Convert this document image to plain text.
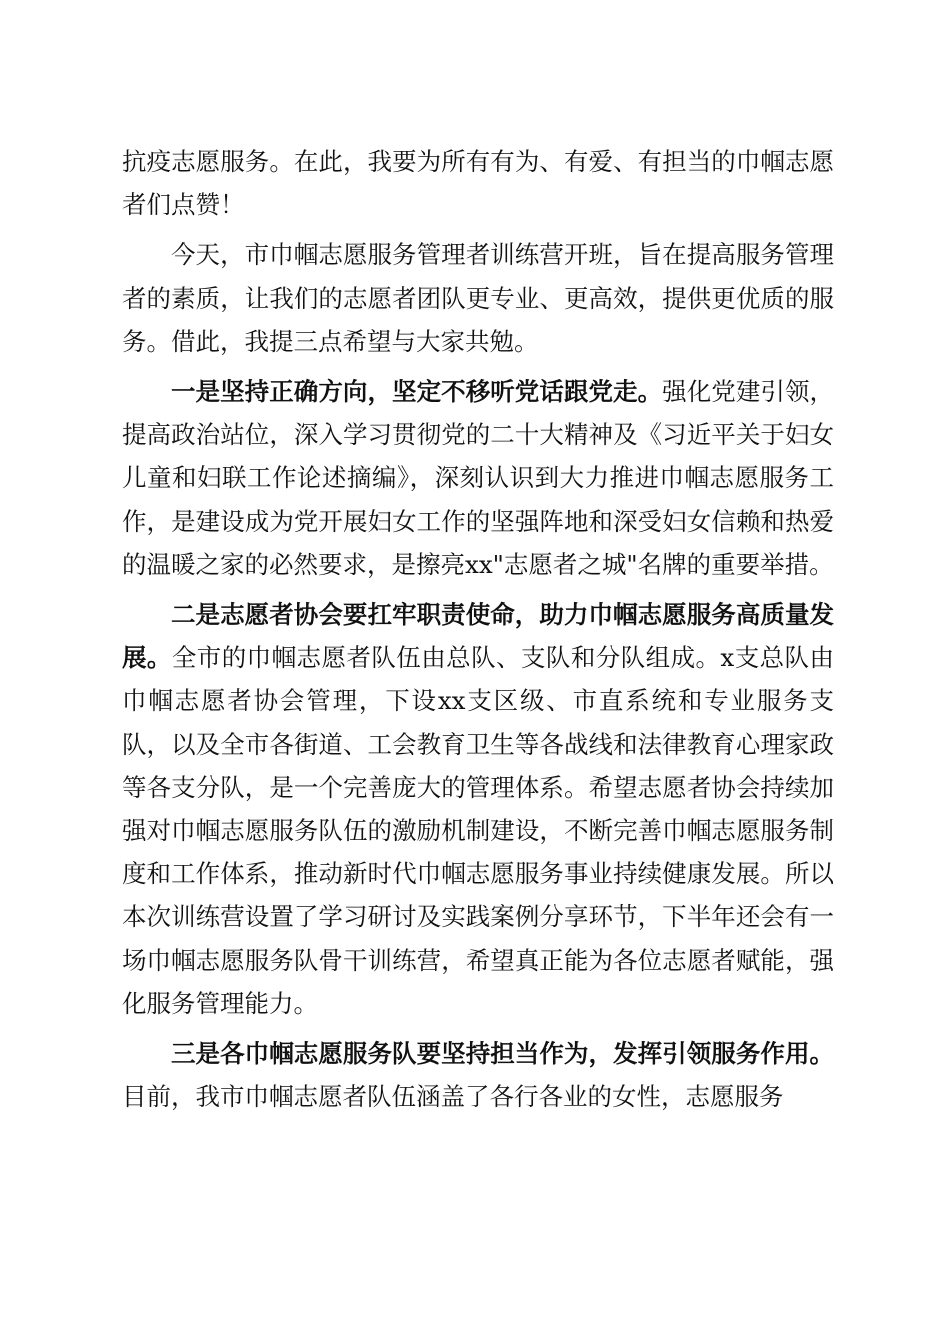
抗疫志愿服务。在此，我要为所有有为、有爱、有担当的巾帼志愿者们点赞！

今天，市巾帼志愿服务管理者训练营开班，旨在提高服务管理者的素质，让我们的志愿者团队更专业、更高效，提供更优质的服务。借此，我提三点希望与大家共勉。

一是坚持正确方向，坚定不移听党话跟党走。强化党建引领，提高政治站位，深入学习贯彻党的二十大精神及《习近平关于妇女儿童和妇联工作论述摘编》，深刻认识到大力推进巾帼志愿服务工作，是建设成为党开展妇女工作的坚强阵地和深受妇女信赖和热爱的温暖之家的必然要求，是擦亮xx"志愿者之城"名牌的重要举措。

二是志愿者协会要扛牢职责使命，助力巾帼志愿服务高质量发展。全市的巾帼志愿者队伍由总队、支队和分队组成。x支总队由巾帼志愿者协会管理，下设xx支区级、市直系统和专业服务支队，以及全市各街道、工会教育卫生等各战线和法律教育心理家政等各支分队，是一个完善庞大的管理体系。希望志愿者协会持续加强对巾帼志愿服务队伍的激励机制建设，不断完善巾帼志愿服务制度和工作体系，推动新时代巾帼志愿服务事业持续健康发展。所以本次训练营设置了学习研讨及实践案例分享环节，下半年还会有一场巾帼志愿服务队骨干训练营，希望真正能为各位志愿者赋能，强化服务管理能力。

三是各巾帼志愿服务队要坚持担当作为，发挥引领服务作用。目前，我市巾帼志愿者队伍涵盖了各行各业的女性，志愿服务
